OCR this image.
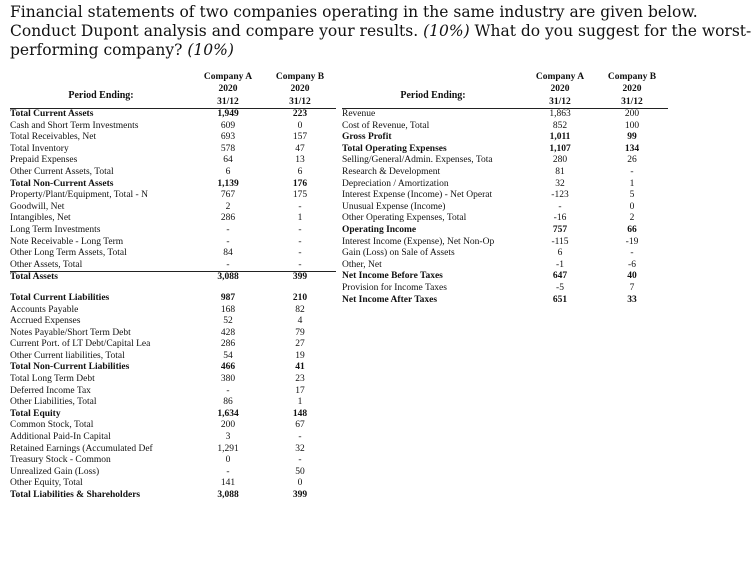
Financial statements of two companies operating in the same industry are given below.
Conduct Dupont analysis and compare your results. (10%) What do you suggest for the worst-
performing company? (10%)

	Company A	Company B
Period Ending:	2020	2020
	31/12	31/12
Total Current Assets	1,949	223
Cash and Short Term Investments	609	0
Total Receivables, Net	693	157
Total Inventory	578	47
Prepaid Expenses	64	13
Other Current Assets, Total	6	6
Total Non-Current Assets	1,139	176
Property/Plant/Equipment, Total - N	767	175
Goodwill, Net	2	-
Intangibles, Net	286	1
Long Term Investments	-	-
Note Receivable - Long Term	-	-
Other Long Term Assets, Total	84	-
Other Assets, Total	-	-
Total Assets	3,088	399

Total Current Liabilities	987	210
Accounts Payable	168	82
Accrued Expenses	52	4
Notes Payable/Short Term Debt	428	79
Current Port. of LT Debt/Capital Lea	286	27
Other Current liabilities, Total	54	19
Total Non-Current Liabilities	466	41
Total Long Term Debt	380	23
Deferred Income Tax	-	17
Other Liabilities, Total	86	1
Total Equity	1,634	148
Common Stock, Total	200	67
Additional Paid-In Capital	3	-
Retained Earnings (Accumulated Def	1,291	32
Treasury Stock - Common	0	-
Unrealized Gain (Loss)	-	50
Other Equity, Total	141	0
Total Liabilities & Shareholders	3,088	399
	Company A	Company B
Period Ending:	2020	2020
	31/12	31/12
Revenue	1,863	200
Cost of Revenue, Total	852	100
Gross Profit	1,011	99
Total Operating Expenses	1,107	134
Selling/General/Admin. Expenses, Tota	280	26
Research & Development	81	-
Depreciation / Amortization	32	1
Interest Expense (Income) - Net Operat	-123	5
Unusual Expense (Income)	-	0
Other Operating Expenses, Total	-16	2
Operating Income	757	66
Interest Income (Expense), Net Non-Op	-115	-19
Gain (Loss) on Sale of Assets	6	-
Other, Net	-1	-6
Net Income Before Taxes	647	40
Provision for Income Taxes	-5	7
Net Income After Taxes	651	33
